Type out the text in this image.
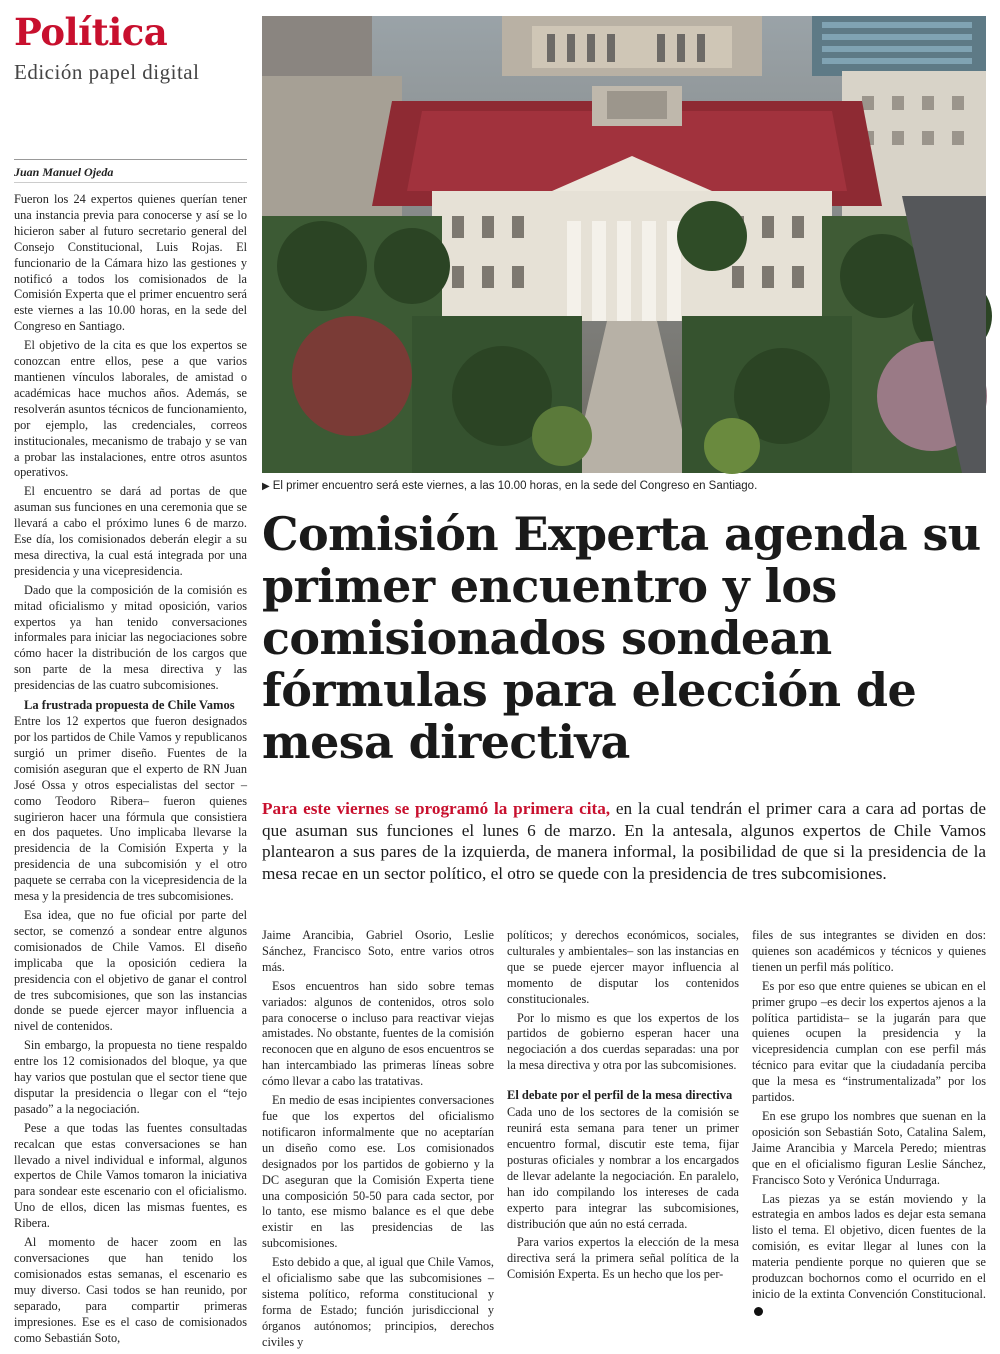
Política
Edición papel digital
Juan Manuel Ojeda

Fueron los 24 expertos quienes querían tener una instancia previa para conocerse y así se lo hicieron saber al futuro secretario general del Consejo Constitucional, Luis Rojas. El funcionario de la Cámara hizo las gestiones y notificó a todos los comisionados de la Comisión Experta que el primer encuentro será este viernes a las 10.00 horas, en la sede del Congreso en Santiago.

El objetivo de la cita es que los expertos se conozcan entre ellos, pese a que varios mantienen vínculos laborales, de amistad o académicas hace muchos años. Además, se resolverán asuntos técnicos de funcionamiento, por ejemplo, las credenciales, correos institucionales, mecanismo de trabajo y se van a probar las instalaciones, entre otros asuntos operativos.

El encuentro se dará ad portas de que asuman sus funciones en una ceremonia que se llevará a cabo el próximo lunes 6 de marzo. Ese día, los comisionados deberán elegir a su mesa directiva, la cual está integrada por una presidencia y una vicepresidencia.

Dado que la composición de la comisión es mitad oficialismo y mitad oposición, varios expertos ya han tenido conversaciones informales para iniciar las negociaciones sobre cómo hacer la distribución de los cargos que son parte de la mesa directiva y las presidencias de las cuatro subcomisiones.

La frustrada propuesta de Chile Vamos

Entre los 12 expertos que fueron designados por los partidos de Chile Vamos y republicanos surgió un primer diseño. Fuentes de la comisión aseguran que el experto de RN Juan José Ossa y otros especialistas del sector –como Teodoro Ribera– fueron quienes sugirieron hacer una fórmula que consistiera en dos paquetes. Uno implicaba llevarse la presidencia de la Comisión Experta y la presidencia de una subcomisión y el otro paquete se cerraba con la vicepresidencia de la mesa y la presidencia de tres subcomisiones.

Esa idea, que no fue oficial por parte del sector, se comenzó a sondear entre algunos comisionados de Chile Vamos. El diseño implicaba que la oposición cediera la presidencia con el objetivo de ganar el control de tres subcomisiones, que son las instancias donde se puede ejercer mayor influencia a nivel de contenidos.

Sin embargo, la propuesta no tiene respaldo entre los 12 comisionados del bloque, ya que hay varios que postulan que el sector tiene que disputar la presidencia o llegar con el “tejo pasado” a la negociación.

Pese a que todas las fuentes consultadas recalcan que estas conversaciones se han llevado a nivel individual e informal, algunos expertos de Chile Vamos tomaron la iniciativa para sondear este escenario con el oficialismo. Uno de ellos, dicen las mismas fuentes, es Ribera.

Al momento de hacer zoom en las conversaciones que han tenido los comisionados estas semanas, el escenario es muy diverso. Casi todos se han reunido, por separado, para compartir primeras impresiones. Ese es el caso de comisionados como Sebastián Soto,

▶ El primer encuentro será este viernes, a las 10.00 horas, en la sede del Congreso en Santiago.
Comisión Experta agenda su primer encuentro y los comisionados sondean fórmulas para elección de mesa directiva
Para este viernes se programó la primera cita, en la cual tendrán el primer cara a cara ad portas de que asuman sus funciones el lunes 6 de marzo. En la antesala, algunos expertos de Chile Vamos plantearon a sus pares de la izquierda, de manera informal, la posibilidad de que si la presidencia de la mesa recae en un sector político, el otro se quede con la presidencia de tres subcomisiones.

Jaime Arancibia, Gabriel Osorio, Leslie Sánchez, Francisco Soto, entre varios otros más.

Esos encuentros han sido sobre temas variados: algunos de contenidos, otros solo para conocerse o incluso para reactivar viejas amistades. No obstante, fuentes de la comisión reconocen que en alguno de esos encuentros se han intercambiado las primeras líneas sobre cómo llevar a cabo las tratativas.

En medio de esas incipientes conversaciones fue que los expertos del oficialismo notificaron informalmente que no aceptarían un diseño como ese. Los comisionados designados por los partidos de gobierno y la DC aseguran que la Comisión Experta tiene una composición 50-50 para cada sector, por lo tanto, ese mismo balance es el que debe existir en las presidencias de las subcomisiones.

Esto debido a que, al igual que Chile Vamos, el oficialismo sabe que las subcomisiones –sistema político, reforma constitucional y forma de Estado; función jurisdiccional y órganos autónomos; principios, derechos civiles y

políticos; y derechos económicos, sociales, culturales y ambientales– son las instancias en que se puede ejercer mayor influencia al momento de disputar los contenidos constitucionales.

Por lo mismo es que los expertos de los partidos de gobierno esperan hacer una negociación a dos cuerdas separadas: una por la mesa directiva y otra por las subcomisiones.

El debate por el perfil de la mesa directiva

Cada uno de los sectores de la comisión se reunirá esta semana para tener un primer encuentro formal, discutir este tema, fijar posturas oficiales y nombrar a los encargados de llevar adelante la negociación. En paralelo, han ido compilando los intereses de cada experto para integrar las subcomisiones, distribución que aún no está cerrada.

Para varios expertos la elección de la mesa directiva será la primera señal política de la Comisión Experta. Es un hecho que los per-

files de sus integrantes se dividen en dos: quienes son académicos y técnicos y quienes tienen un perfil más político.

Es por eso que entre quienes se ubican en el primer grupo –es decir los expertos ajenos a la política partidista– se la jugarán para que quienes ocupen la presidencia y la vicepresidencia cumplan con ese perfil más técnico para evitar que la ciudadanía perciba que la mesa es “instrumentalizada” por los partidos.

En ese grupo los nombres que suenan en la oposición son Sebastián Soto, Catalina Salem, Jaime Arancibia y Marcela Peredo; mientras que en el oficialismo figuran Leslie Sánchez, Francisco Soto y Verónica Undurraga.

Las piezas ya se están moviendo y la estrategia en ambos lados es dejar esta semana listo el tema. El objetivo, dicen fuentes de la comisión, es evitar llegar al lunes con la materia pendiente porque no quieren que se produzcan bochornos como el ocurrido en el inicio de la extinta Convención Constitucional.
